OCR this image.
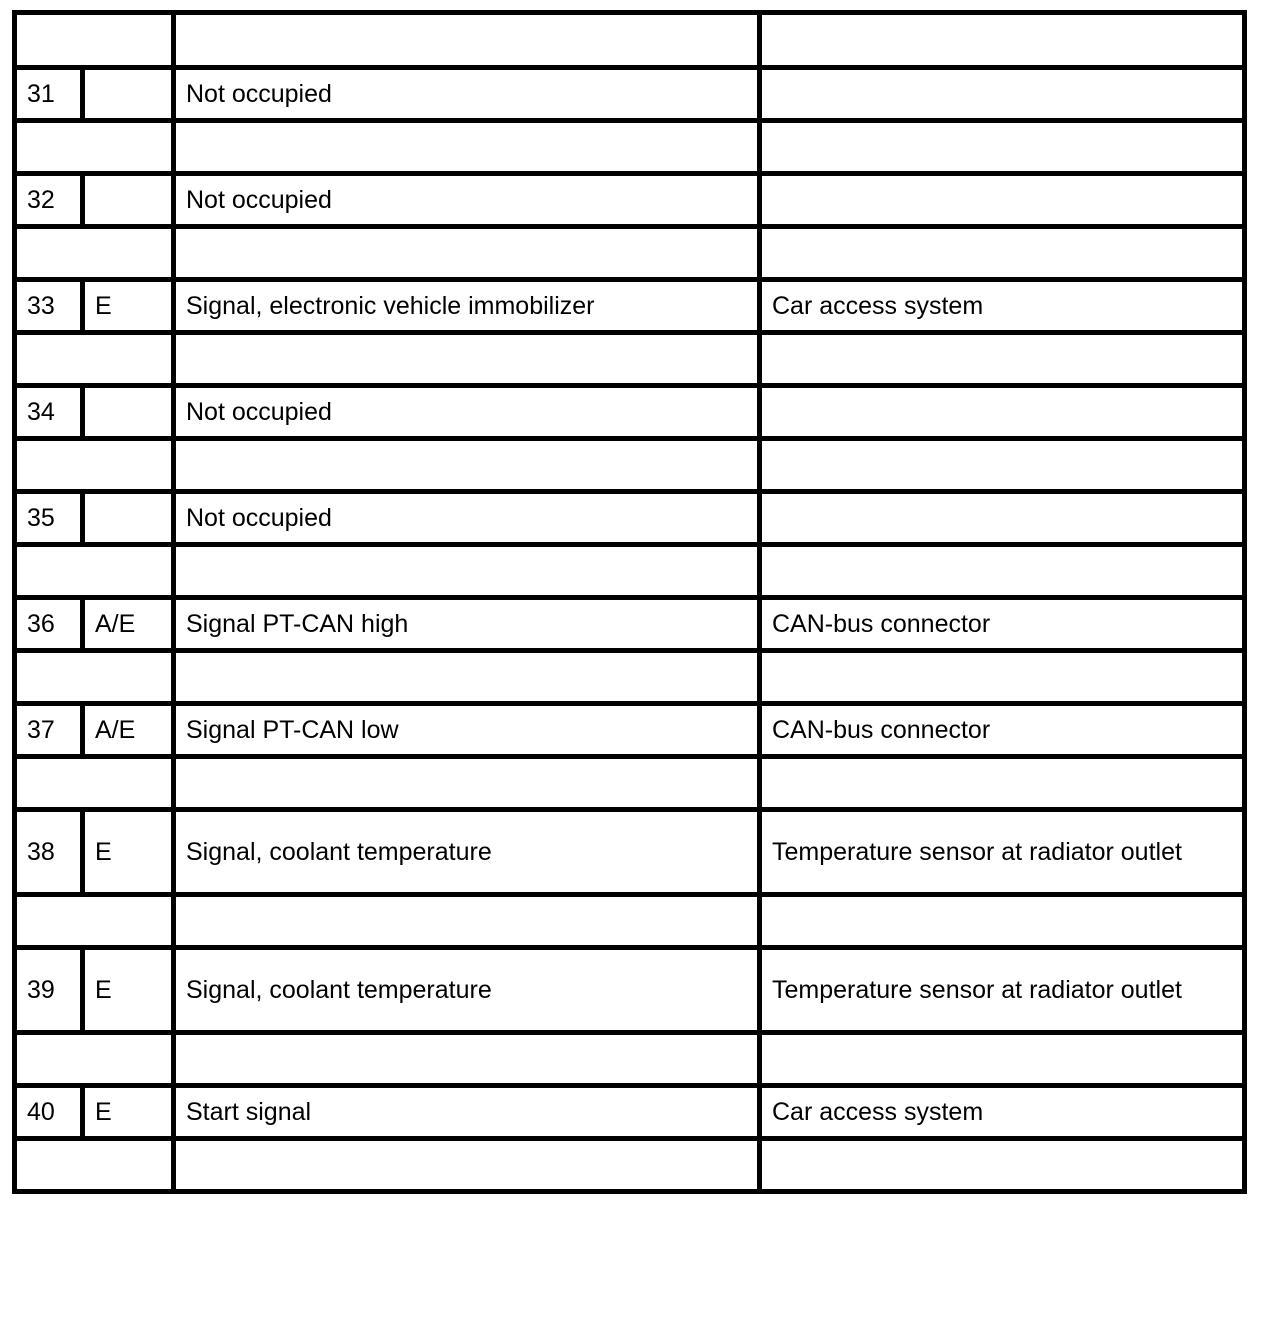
31		Not occupied	

32		Not occupied	

33	E	Signal, electronic vehicle immobilizer	Car access system

34		Not occupied	

35		Not occupied	

36	A/E	Signal PT-CAN high	CAN-bus connector

37	A/E	Signal PT-CAN low	CAN-bus connector

38	E	Signal, coolant temperature	Temperature sensor at radiator outlet

39	E	Signal, coolant temperature	Temperature sensor at radiator outlet

40	E	Start signal	Car access system
